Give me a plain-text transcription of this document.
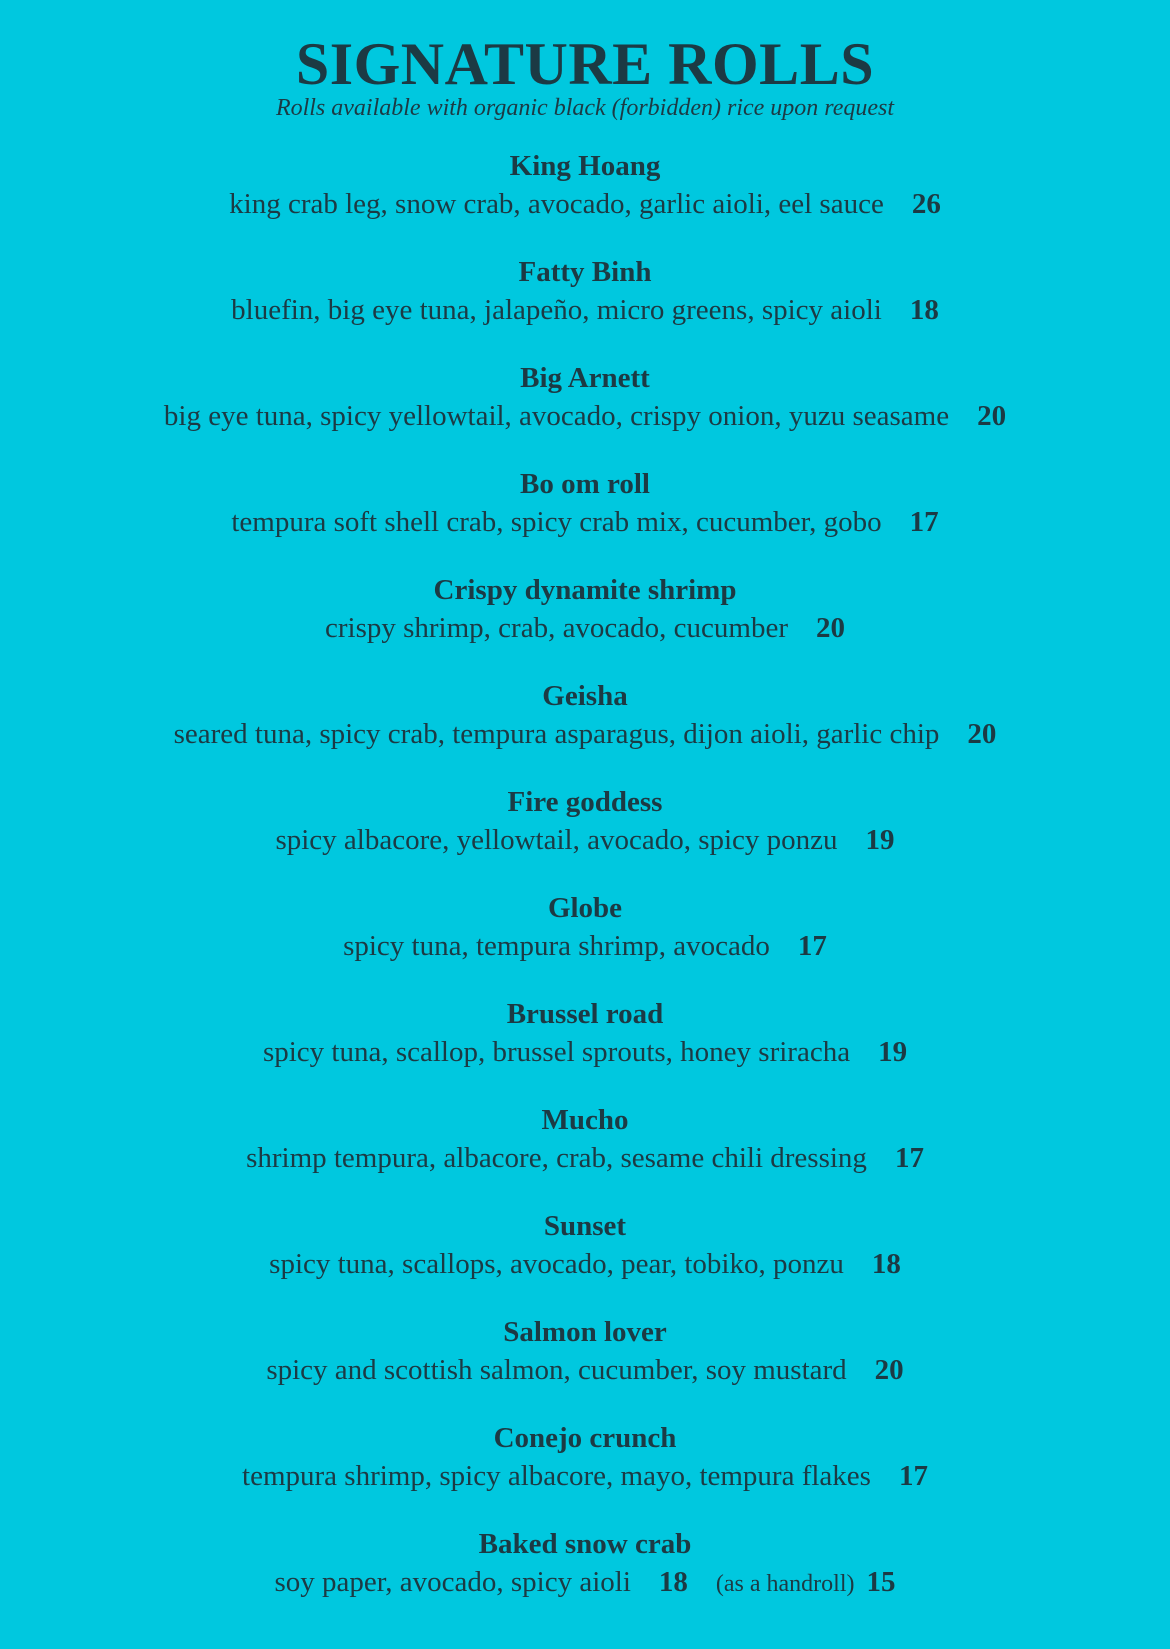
SIGNATURE ROLLS
Rolls available with organic black (forbidden) rice upon request
King Hoang
king crab leg, snow crab, avocado, garlic aioli, eel sauce 26
Fatty Binh
bluefin, big eye tuna, jalapeño, micro greens, spicy aioli 18
Big Arnett
big eye tuna, spicy yellowtail, avocado, crispy onion, yuzu seasame 20
Bo om roll
tempura soft shell crab, spicy crab mix, cucumber, gobo 17
Crispy dynamite shrimp
crispy shrimp, crab, avocado, cucumber 20
Geisha
seared tuna, spicy crab, tempura asparagus, dijon aioli, garlic chip 20
Fire goddess
spicy albacore, yellowtail, avocado, spicy ponzu 19
Globe
spicy tuna, tempura shrimp, avocado 17
Brussel road
spicy tuna, scallop, brussel sprouts, honey sriracha 19
Mucho
shrimp tempura, albacore, crab, sesame chili dressing 17
Sunset
spicy tuna, scallops, avocado, pear, tobiko, ponzu 18
Salmon lover
spicy and scottish salmon, cucumber, soy mustard 20
Conejo crunch
tempura shrimp, spicy albacore, mayo, tempura flakes 17
Baked snow crab
soy paper, avocado, spicy aioli 18 (as a handroll) 15
